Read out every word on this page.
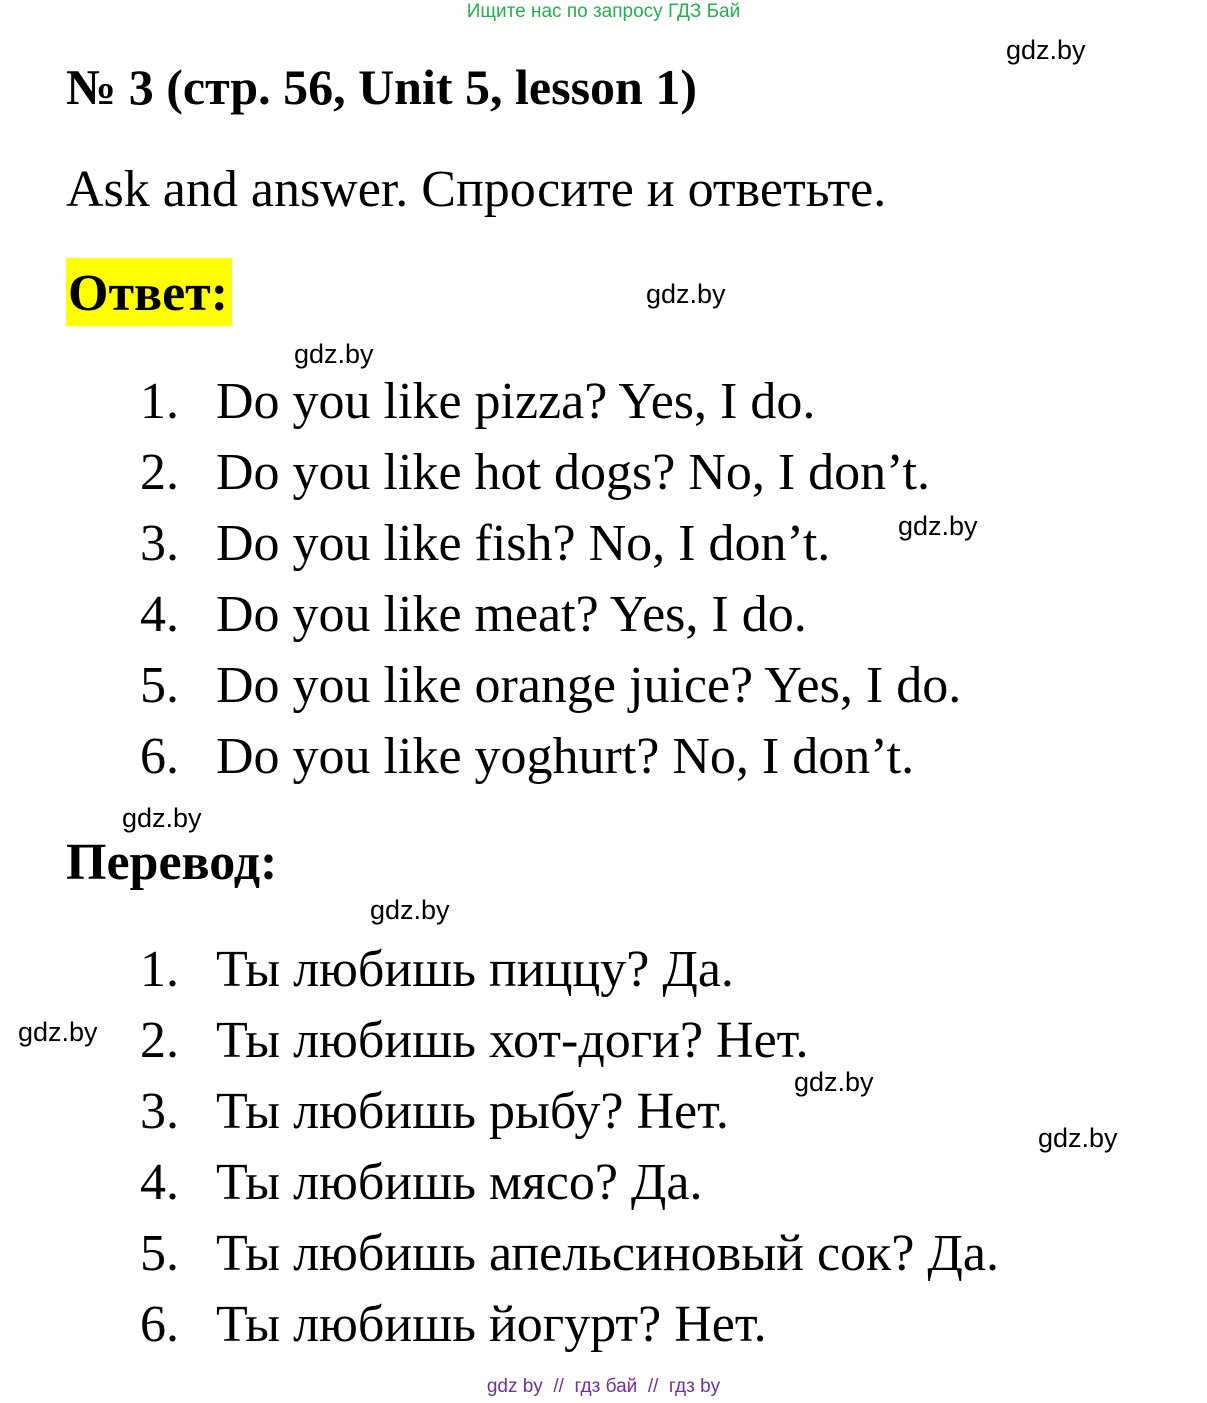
Ищите нас по запросу ГДЗ Бай
№ 3 (стр. 56, Unit 5, lesson 1)

Ask and answer. Спросите и ответьте.

Ответ:
1. Do you like pizza? Yes, I do.
2. Do you like hot dogs? No, I don’t.
3. Do you like fish? No, I don’t.
4. Do you like meat? Yes, I do.
5. Do you like orange juice? Yes, I do.
6. Do you like yoghurt? No, I don’t.
Перевод:
1. Ты любишь пиццу? Да.
2. Ты любишь хот-доги? Нет.
3. Ты любишь рыбу? Нет.
4. Ты любишь мясо? Да.
5. Ты любишь апельсиновый сок? Да.
6. Ты любишь йогурт? Нет.
gdz.by
gdz.by
gdz.by
gdz.by
gdz.by
gdz.by
gdz.by
gdz.by
gdz.by
gdz by  //  гдз бай  //  гдз by
